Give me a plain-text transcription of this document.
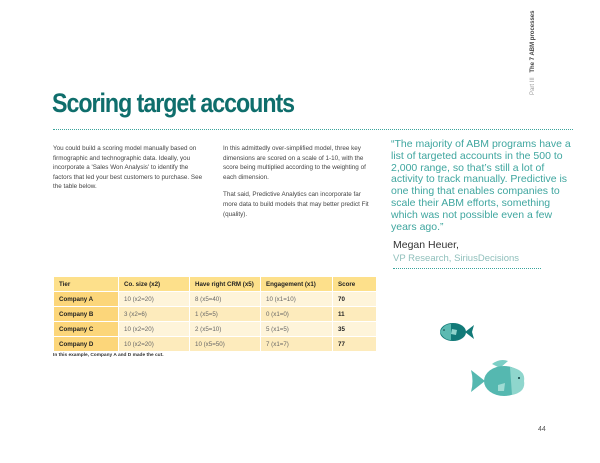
Scoring target accounts
Part III The 7 ABM processes

You could build a scoring model manually based on firmographic and technographic data. Ideally, you incorporate a 'Sales Won Analysis' to identify the factors that led your best customers to purchase. See the table below.

In this admittedly over-simplified model, three key dimensions are scored on a scale of 1-10, with the score being multiplied according to the weighting of each dimension.

That said, Predictive Analytics can incorporate far more data to build models that may better predict Fit (quality).

“The majority of ABM programs have a list of targeted accounts in the 500 to 2,000 range, so that’s still a lot of activity to track manually. Predictive is one thing that enables companies to scale their ABM efforts, something which was not possible even a few years ago.”
Megan Heuer,
VP Research, SiriusDecisions
Tier	Co. size (x2)	Have right CRM (x5)	Engagement (x1)	Score
Company A	10 (x2=20)	8 (x5=40)	10 (x1=10)	70
Company B	3 (x2=6)	1 (x5=5)	0 (x1=0)	11
Company C	10 (x2=20)	2 (x5=10)	5 (x1=5)	35
Company D	10 (x2=20)	10 (x5=50)	7 (x1=7)	77
In this example, Company A and D made the cut.
44
